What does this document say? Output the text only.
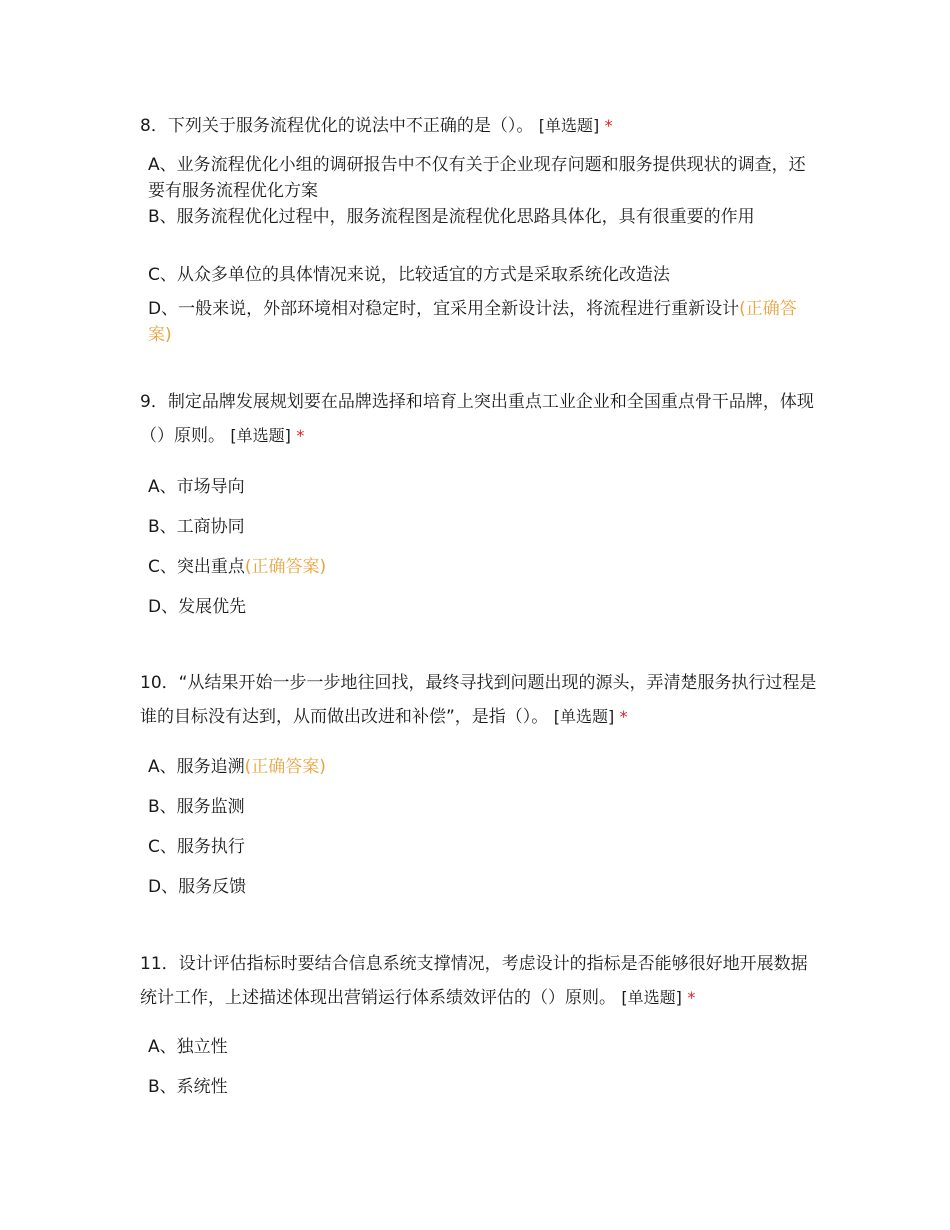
8．下列关于服务流程优化的说法中不正确的是（）。 [单选题] *

A、业务流程优化小组的调研报告中不仅有关于企业现存问题和服务提供现状的调查，还要有服务流程优化方案
B、服务流程优化过程中，服务流程图是流程优化思路具体化，具有很重要的作用
C、从众多单位的具体情况来说，比较适宜的方式是采取系统化改造法
D、一般来说，外部环境相对稳定时，宜采用全新设计法，将流程进行重新设计(正确答案)

9．制定品牌发展规划要在品牌选择和培育上突出重点工业企业和全国重点骨干品牌，体现（）原则。 [单选题] *

A、市场导向
B、工商协同
C、突出重点(正确答案)
D、发展优先

10．“从结果开始一步一步地往回找，最终寻找到问题出现的源头，弄清楚服务执行过程是谁的目标没有达到，从而做出改进和补偿”，是指（）。 [单选题] *

A、服务追溯(正确答案)
B、服务监测
C、服务执行
D、服务反馈

11．设计评估指标时要结合信息系统支撑情况，考虑设计的指标是否能够很好地开展数据统计工作，上述描述体现出营销运行体系绩效评估的（）原则。 [单选题] *

A、独立性
B、系统性
